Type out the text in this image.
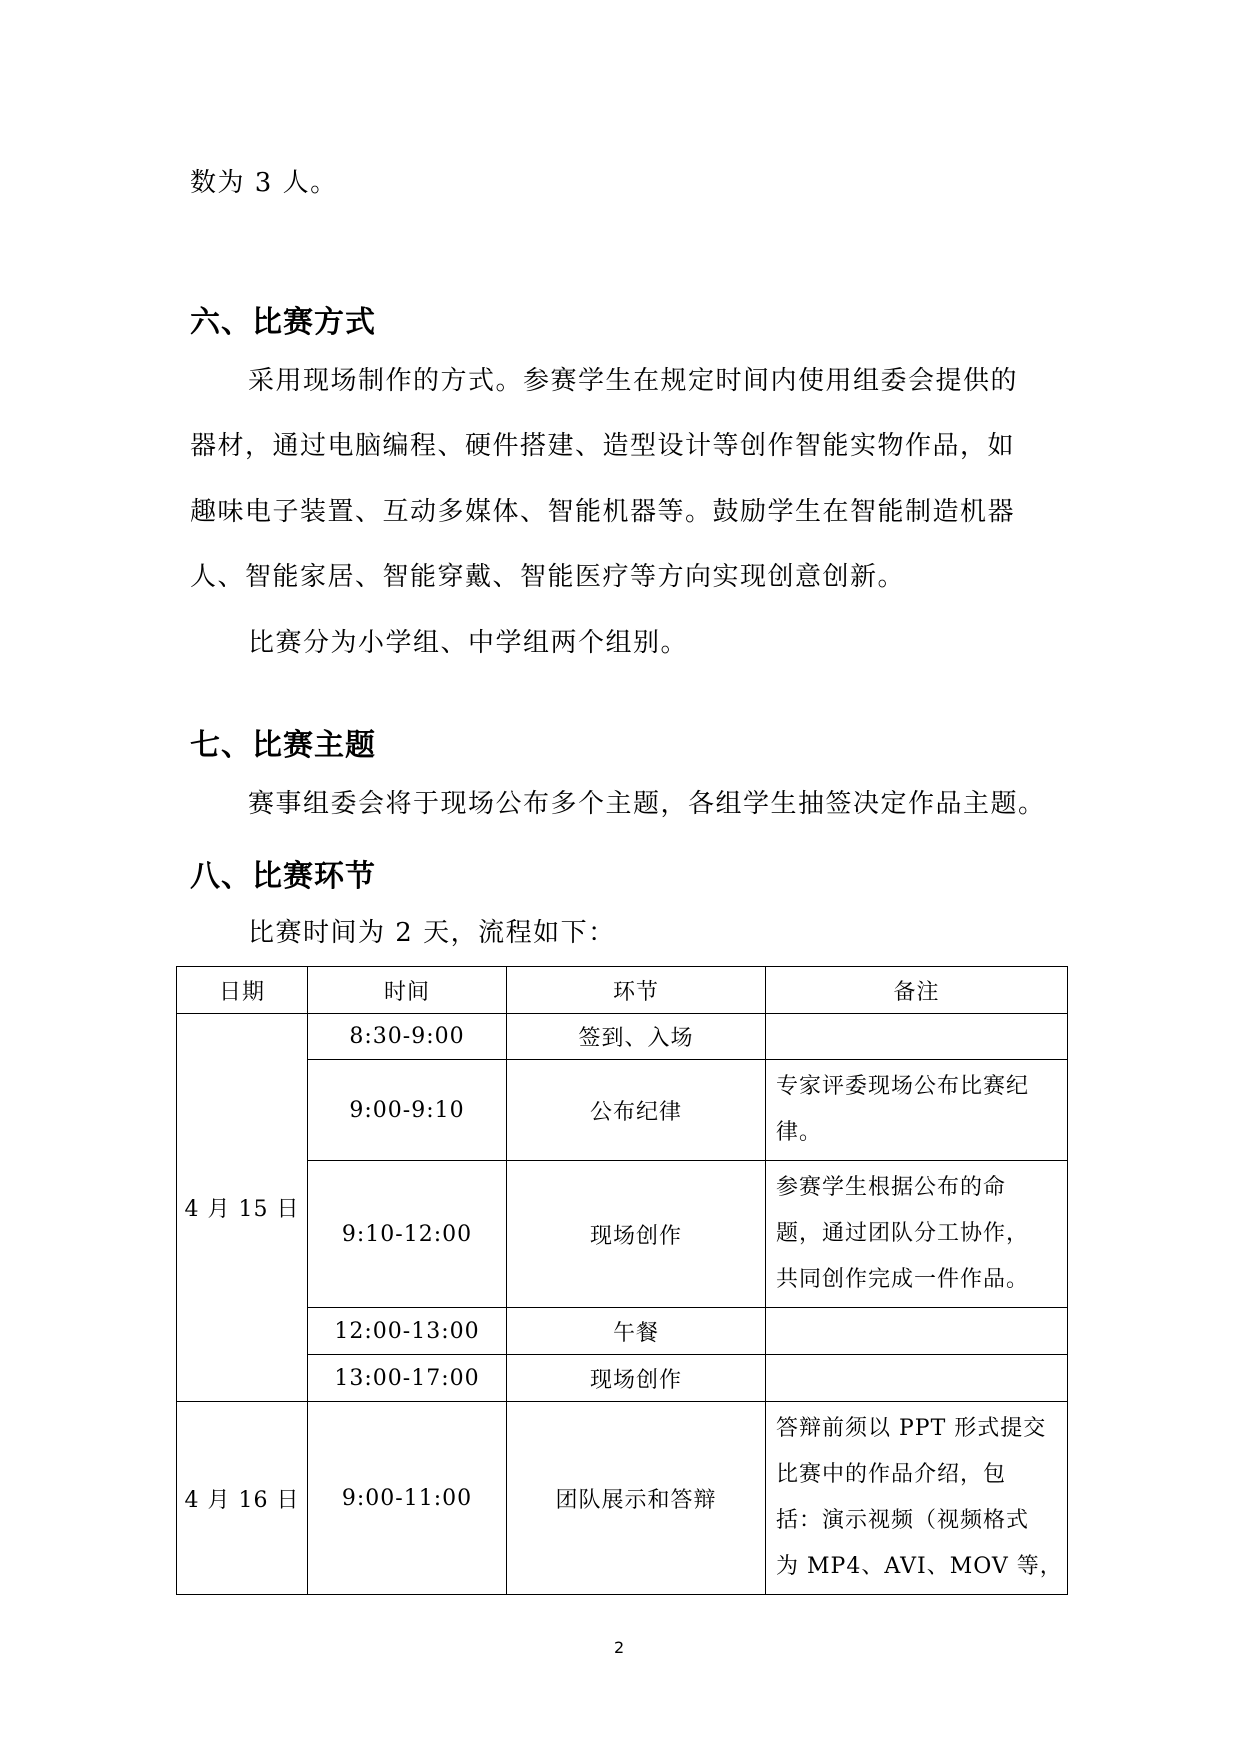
数为 3 人。
六、比赛方式
采用现场制作的方式。参赛学生在规定时间内使用组委会提供的
器材，通过电脑编程、硬件搭建、造型设计等创作智能实物作品，如
趣味电子装置、互动多媒体、智能机器等。鼓励学生在智能制造机器
人、智能家居、智能穿戴、智能医疗等方向实现创意创新。
比赛分为小学组、中学组两个组别。
七、比赛主题
赛事组委会将于现场公布多个主题，各组学生抽签决定作品主题。
八、比赛环节
比赛时间为 2 天，流程如下：
日期	时间	环节	备注
4 月 15 日	8:30-9:00	签到、入场	
	9:00-9:10	公布纪律	专家评委现场公布比赛纪
律。

	9:10-12:00	现场创作	参赛学生根据公布的命
题，通过团队分工协作，
共同创作完成一件作品。

	12:00-13:00	午餐	
	13:00-17:00	现场创作	
4 月 16 日	9:00-11:00	团队展示和答辩	答辩前须以 PPT 形式提交
比赛中的作品介绍，包
括：演示视频（视频格式
为 MP4、AVI、MOV 等，
2
